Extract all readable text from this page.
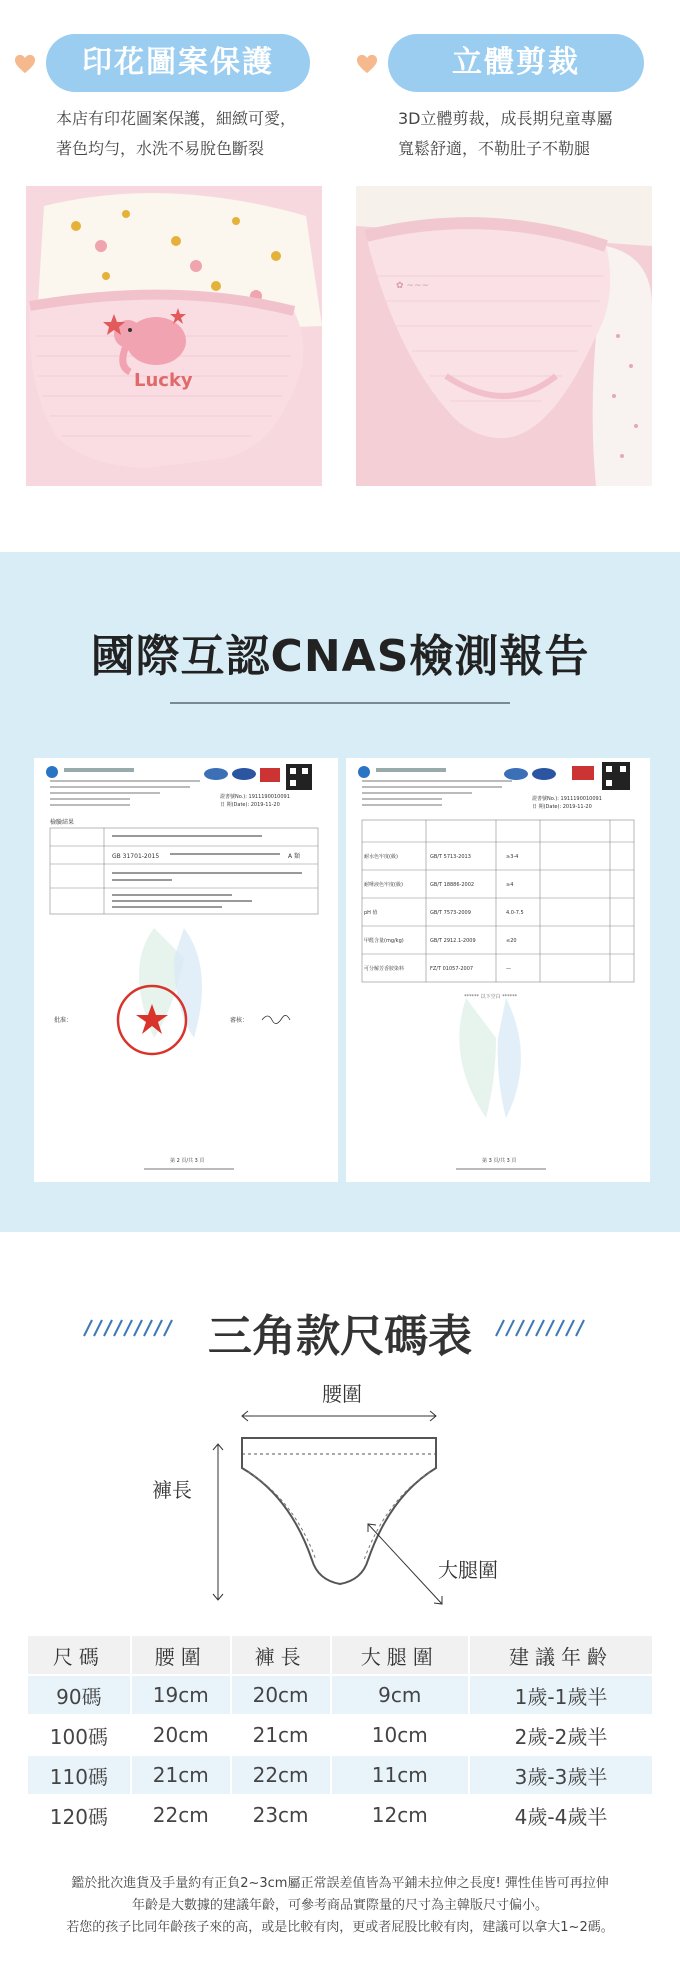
印花圖案保護
本店有印花圖案保護，細緻可愛，
著色均勻，水洗不易脫色斷裂
Lucky
立體剪裁
3D立體剪裁，成長期兒童專屬
寬鬆舒適，不勒肚子不勒腿
✿ ~~~
國際互認CNAS檢測報告
證書號No.): 1911190010091
日 期(Date): 2019-11-20
檢驗結果
GB 31701-2015	A 類
批准：	審核：
第 2 頁/共 3 頁
證書號No.): 1911190010091
日 期(Date): 2019-11-20
耐水色牢度(級)	GB/T 5713-2013	≥3-4
耐唾液色牢度(級)	GB/T 18886-2002	≥4
pH 值	GB/T 7573-2009	4.0-7.5
甲醛含量(mg/kg)	GB/T 2912.1-2009	≤20
可分解芳香胺染料	FZ/T 01057-2007	—
****** 以下空白 ******
第 3 頁/共 3 頁
三角款尺碼表
腰圍
褲長
大腿圍
尺碼	腰圍	褲長	大腿圍	建議年齡
90碼	19cm	20cm	9cm	1歲-1歲半
100碼	20cm	21cm	10cm	2歲-2歲半
110碼	21cm	22cm	11cm	3歲-3歲半
120碼	22cm	23cm	12cm	4歲-4歲半
鑑於批次進貨及手量約有正負2~3cm屬正常誤差值皆為平鋪未拉伸之長度! 彈性佳皆可再拉伸
年齡是大數據的建議年齡，可參考商品實際量的尺寸為主韓版尺寸偏小。
若您的孩子比同年齡孩子來的高，或是比較有肉，更或者屁股比較有肉，建議可以拿大1~2碼。
